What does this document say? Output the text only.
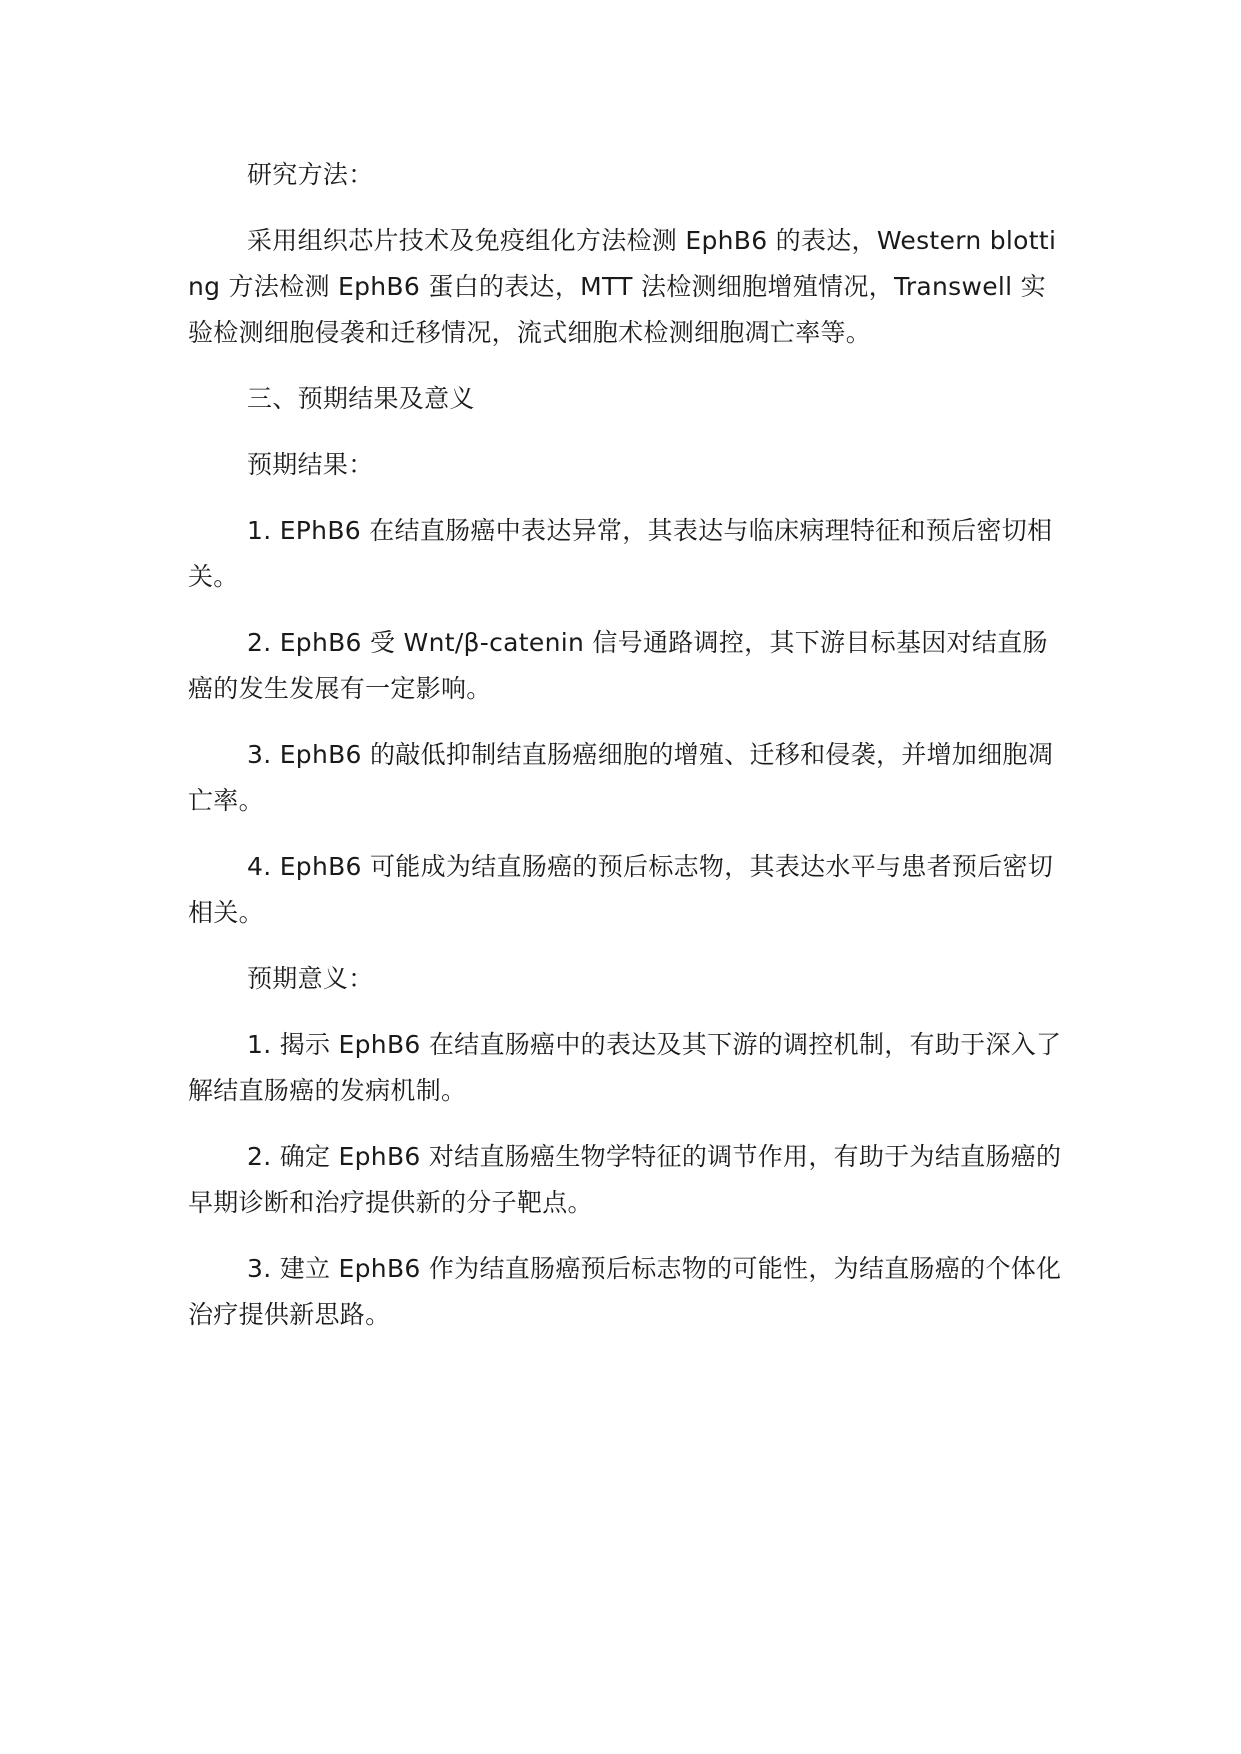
研究方法：

采用组织芯片技术及免疫组化方法检测 EphB6 的表达，Western blotting 方法检测 EphB6 蛋白的表达，MTT 法检测细胞增殖情况，Transwell 实验检测细胞侵袭和迁移情况，流式细胞术检测细胞凋亡率等。

三、预期结果及意义

预期结果：

1. EPhB6 在结直肠癌中表达异常，其表达与临床病理特征和预后密切相关。

2. EphB6 受 Wnt/β-catenin 信号通路调控，其下游目标基因对结直肠癌的发生发展有一定影响。

3. EphB6 的敲低抑制结直肠癌细胞的增殖、迁移和侵袭，并增加细胞凋亡率。

4. EphB6 可能成为结直肠癌的预后标志物，其表达水平与患者预后密切相关。

预期意义：

1. 揭示 EphB6 在结直肠癌中的表达及其下游的调控机制，有助于深入了解结直肠癌的发病机制。

2. 确定 EphB6 对结直肠癌生物学特征的调节作用，有助于为结直肠癌的早期诊断和治疗提供新的分子靶点。

3. 建立 EphB6 作为结直肠癌预后标志物的可能性，为结直肠癌的个体化治疗提供新思路。
